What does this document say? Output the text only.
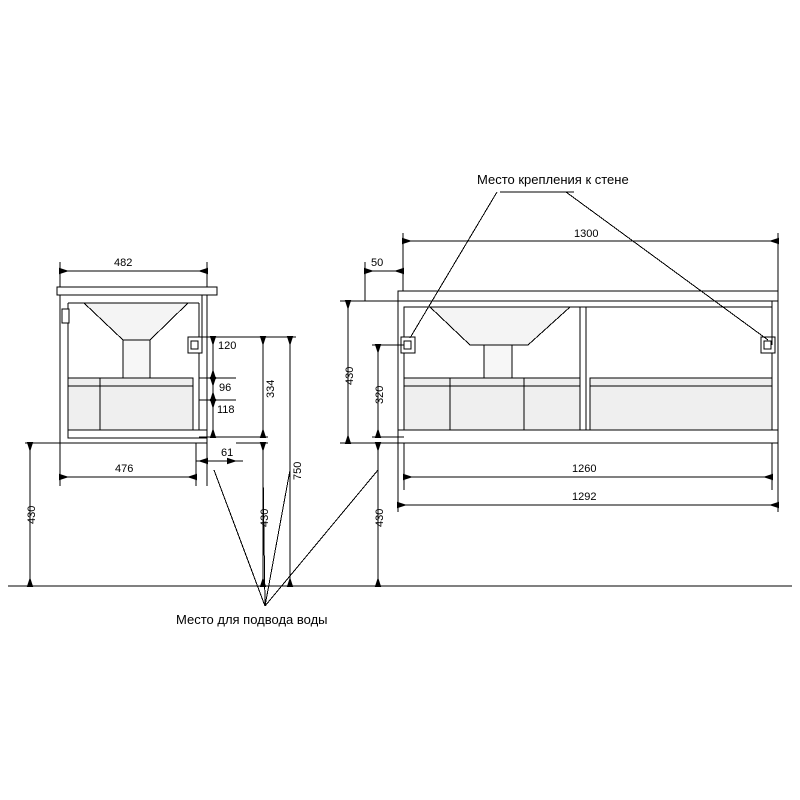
482
476
61
120
96
118
334
750
430	430
1300
50
1260
1292
430
320
430
Место крепления к стене
Место для подвода воды
